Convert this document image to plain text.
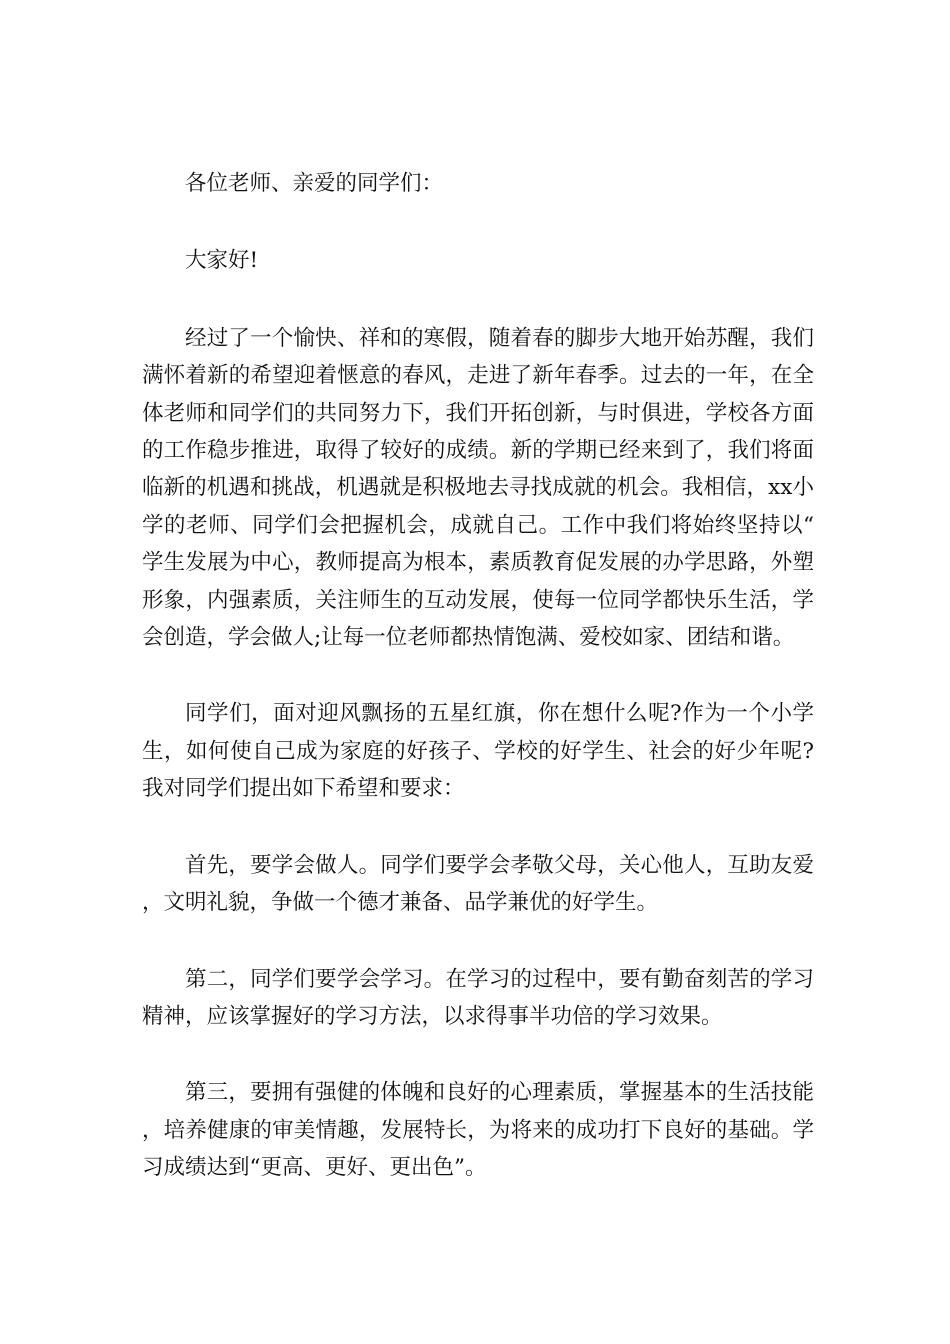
各位老师、亲爱的同学们：

大家好!

经过了一个愉快、祥和的寒假，随着春的脚步大地开始苏醒，我们满怀着新的希望迎着惬意的春风，走进了新年春季。过去的一年，在全体老师和同学们的共同努力下，我们开拓创新，与时俱进，学校各方面的工作稳步推进，取得了较好的成绩。新的学期已经来到了，我们将面临新的机遇和挑战，机遇就是积极地去寻找成就的机会。我相信，xx小学的老师、同学们会把握机会，成就自己。工作中我们将始终坚持以“学生发展为中心，教师提高为根本，素质教育促发展的办学思路，外塑形象，内强素质，关注师生的互动发展，使每一位同学都快乐生活，学会创造，学会做人;让每一位老师都热情饱满、爱校如家、团结和谐。

同学们，面对迎风飘扬的五星红旗，你在想什么呢?作为一个小学生，如何使自己成为家庭的好孩子、学校的好学生、社会的好少年呢?我对同学们提出如下希望和要求：

首先，要学会做人。同学们要学会孝敬父母，关心他人，互助友爱，文明礼貌，争做一个德才兼备、品学兼优的好学生。

第二，同学们要学会学习。在学习的过程中，要有勤奋刻苦的学习精神，应该掌握好的学习方法，以求得事半功倍的学习效果。

第三，要拥有强健的体魄和良好的心理素质，掌握基本的生活技能，培养健康的审美情趣，发展特长，为将来的成功打下良好的基础。学习成绩达到“更高、更好、更出色”。
